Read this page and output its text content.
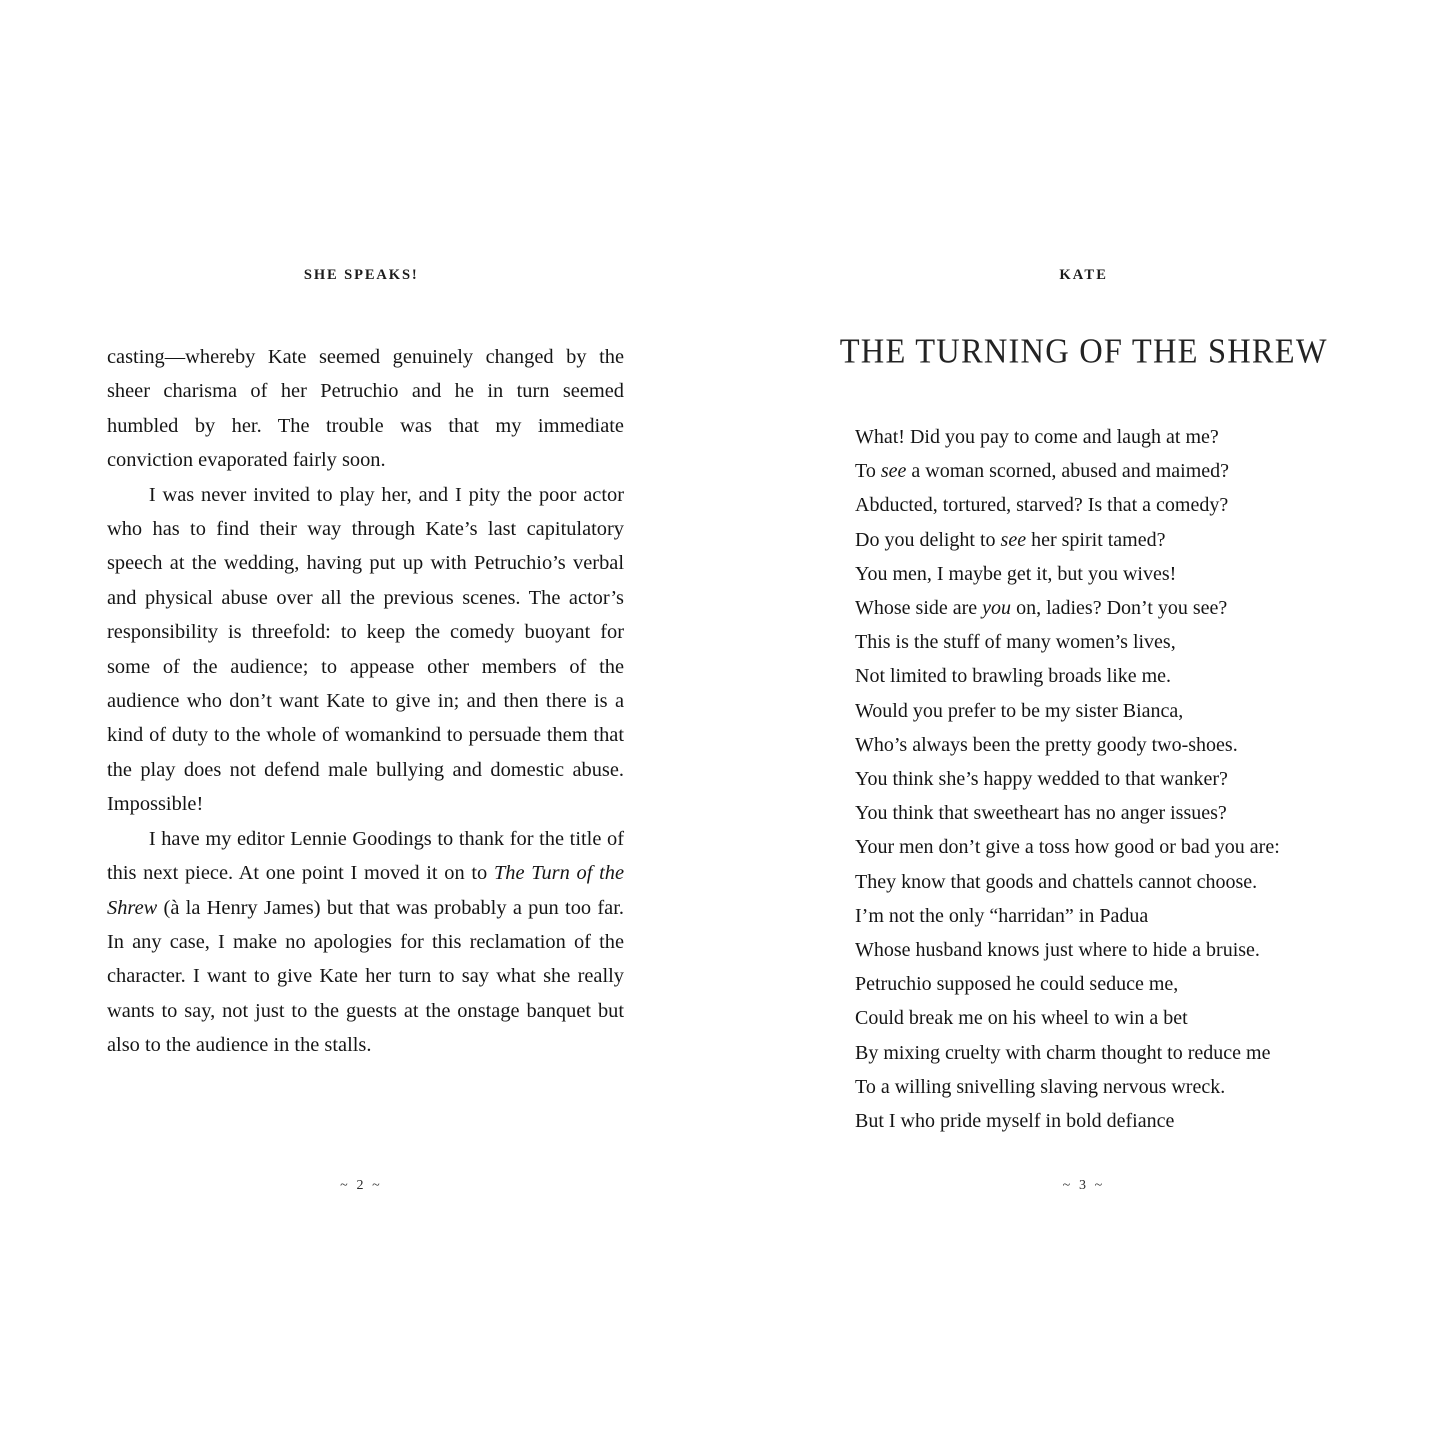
SHE SPEAKS!

casting—whereby Kate seemed genuinely changed by the sheer charisma of her Petruchio and he in turn seemed humbled by her. The trouble was that my immediate conviction evaporated fairly soon.

I was never invited to play her, and I pity the poor actor who has to find their way through Kate’s last capitulatory speech at the wedding, having put up with Petruchio’s verbal and physical abuse over all the previous scenes. The actor’s responsibility is threefold: to keep the comedy buoyant for some of the audience; to appease other members of the audience who don’t want Kate to give in; and then there is a kind of duty to the whole of womankind to persuade them that the play does not defend male bullying and domestic abuse. Impossible!

I have my editor Lennie Goodings to thank for the title of this next piece. At one point I moved it on to The Turn of the Shrew (à la Henry James) but that was probably a pun too far. In any case, I make no apologies for this reclamation of the character. I want to give Kate her turn to say what she really wants to say, not just to the guests at the onstage banquet but also to the audience in the stalls.

~ 2 ~
KATE
THE TURNING OF THE SHREW
~ 3 ~
What! Did you pay to come and laugh at me?
To see a woman scorned, abused and maimed?
Abducted, tortured, starved? Is that a comedy?
Do you delight to see her spirit tamed?
You men, I maybe get it, but you wives!
Whose side are you on, ladies? Don’t you see?
This is the stuff of many women’s lives,
Not limited to brawling broads like me.
Would you prefer to be my sister Bianca,
Who’s always been the pretty goody two-shoes.
You think she’s happy wedded to that wanker?
You think that sweetheart has no anger issues?
Your men don’t give a toss how good or bad you are:
They know that goods and chattels cannot choose.
I’m not the only “harridan” in Padua
Whose husband knows just where to hide a bruise.
Petruchio supposed he could seduce me,
Could break me on his wheel to win a bet
By mixing cruelty with charm thought to reduce me
To a willing snivelling slaving nervous wreck.
But I who pride myself in bold defiance
